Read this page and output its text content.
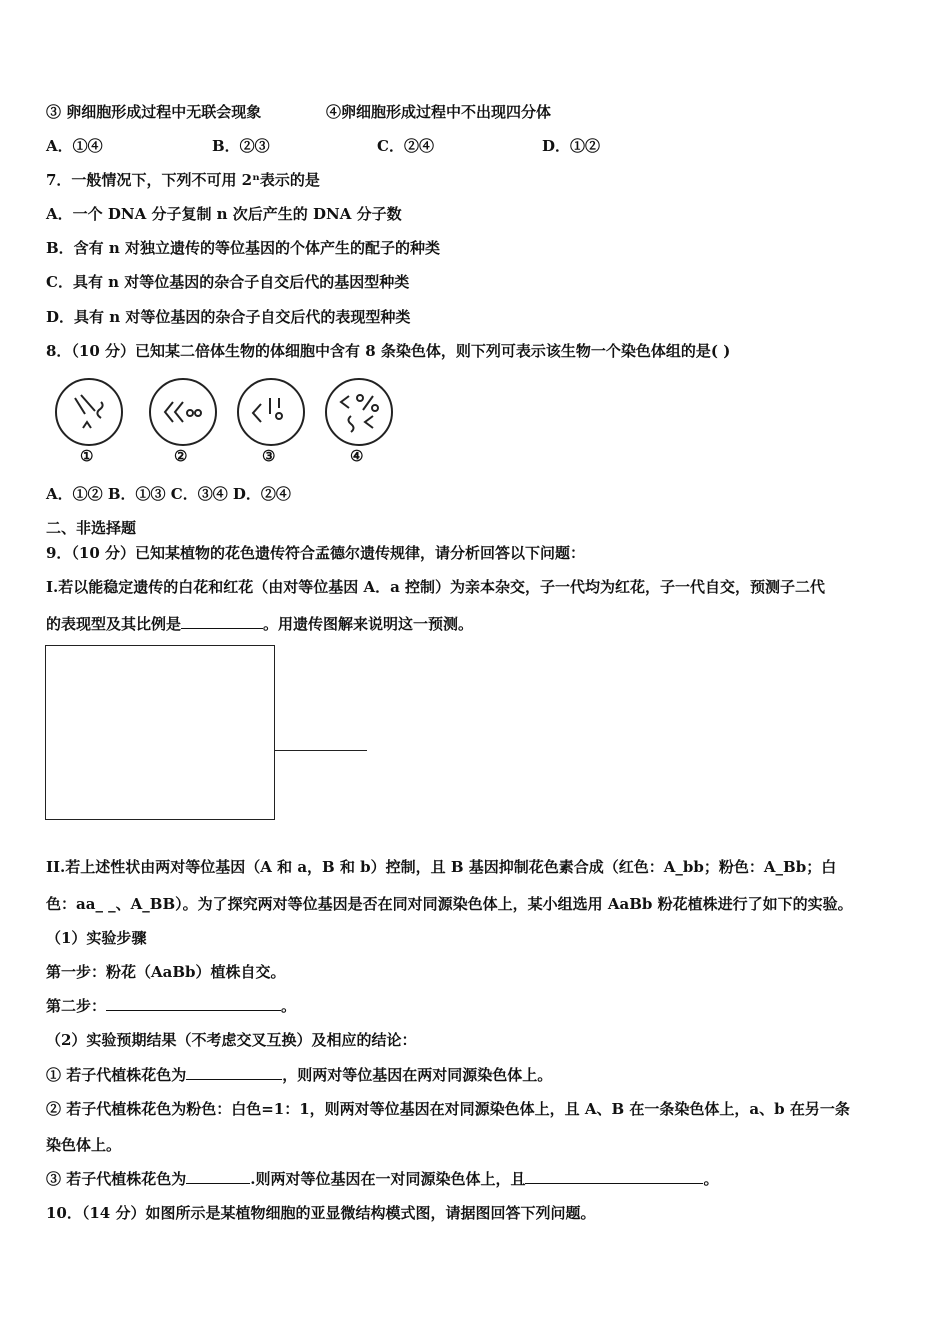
③ 卵细胞形成过程中无联会现象	④卵细胞形成过程中不出现四分体
A．①④	B．②③	C．②④	D．①②
7．一般情况下，下列不可用 2ⁿ表示的是
A．一个 DNA 分子复制 n 次后产生的 DNA 分子数
B．含有 n 对独立遗传的等位基因的个体产生的配子的种类
C．具有 n 对等位基因的杂合子自交后代的基因型种类
D．具有 n 对等位基因的杂合子自交后代的表现型种类
8．（10 分）已知某二倍体生物的体细胞中含有 8 条染色体，则下列可表示该生物一个染色体组的是( )
①	②	③	④
A．①② B．①③ C．③④ D．②④
二、非选择题
9．（10 分）已知某植物的花色遗传符合孟德尔遗传规律，请分析回答以下问题：
I.若以能稳定遗传的白花和红花（由对等位基因 A．a 控制）为亲本杂交，子一代均为红花，子一代自交，预测子二代
的表现型及其比例是	。用遗传图解来说明这一预测。
II.若上述性状由两对等位基因（A 和 a，B 和 b）控制，且 B 基因抑制花色素合成（红色：A_bb；粉色：A_Bb；白
色：aa_ _、A_BB）。为了探究两对等位基因是否在同对同源染色体上，某小组选用 AaBb 粉花植株进行了如下的实验。
（1）实验步骤
第一步：粉花（AaBb）植株自交。
第二步：	。
（2）实验预期结果（不考虑交叉互换）及相应的结论：
① 若子代植株花色为	，则两对等位基因在两对同源染色体上。
② 若子代植株花色为粉色：白色=1：1，则两对等位基因在对同源染色体上，且 A、B 在一条染色体上，a、b 在另一条
染色体上。
③ 若子代植株花色为	.则两对等位基因在一对同源染色体上，且	。
10．（14 分）如图所示是某植物细胞的亚显微结构模式图，请据图回答下列问题。
